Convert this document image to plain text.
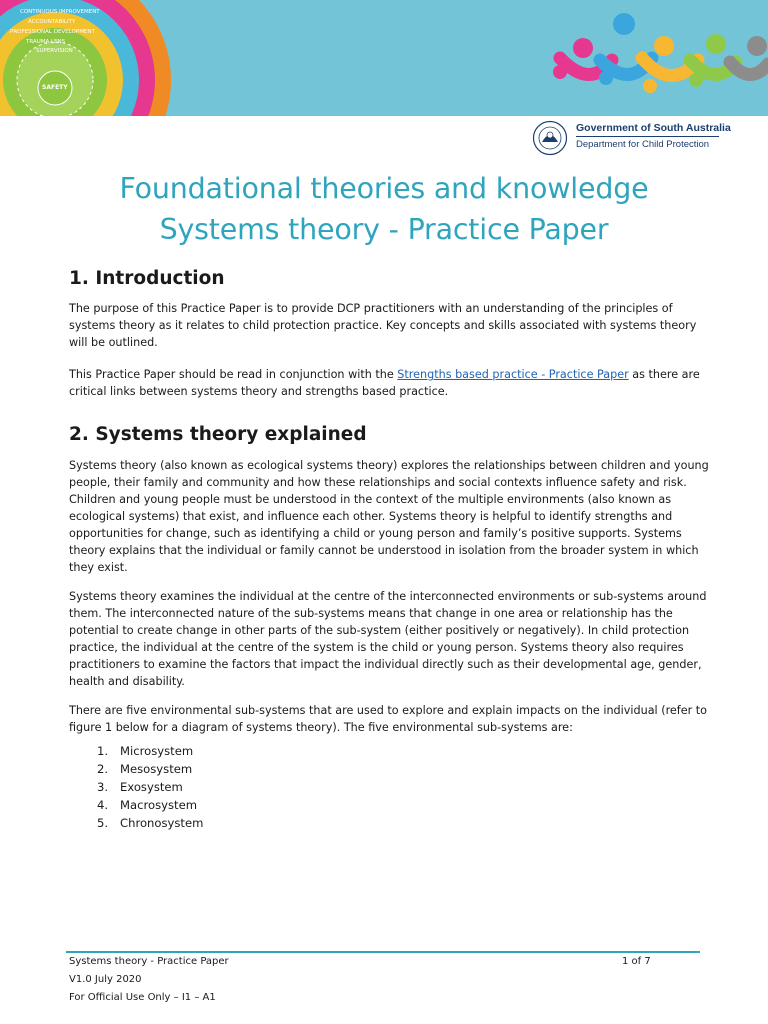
CONTINUOUS IMPROVEMENT
ACCOUNTABILITY
PROFESSIONAL DEVELOPMENT
TRAUMA LENS
SUPERVISION
SAFETY
Government of South Australia
Department for Child Protection
Foundational theories and knowledge
Systems theory - Practice Paper
1. Introduction

The purpose of this Practice Paper is to provide DCP practitioners with an understanding of the principles of systems theory as it relates to child protection practice. Key concepts and skills associated with systems theory will be outlined.

This Practice Paper should be read in conjunction with the Strengths based practice - Practice Paper as there are critical links between systems theory and strengths based practice.

2. Systems theory explained

Systems theory (also known as ecological systems theory) explores the relationships between children and young people, their family and community and how these relationships and social contexts influence safety and risk. Children and young people must be understood in the context of the multiple environments (also known as ecological systems) that exist, and influence each other. Systems theory is helpful to identify strengths and opportunities for change, such as identifying a child or young person and family’s positive supports. Systems theory explains that the individual or family cannot be understood in isolation from the broader system in which they exist.

Systems theory examines the individual at the centre of the interconnected environments or sub-systems around them. The interconnected nature of the sub-systems means that change in one area or relationship has the potential to create change in other parts of the sub-system (either positively or negatively). In child protection practice, the individual at the centre of the system is the child or young person. Systems theory also requires practitioners to examine the factors that impact the individual directly such as their developmental age, gender, health and disability.

There are five environmental sub-systems that are used to explore and explain impacts on the individual (refer to figure 1 below for a diagram of systems theory). The five environmental sub-systems are:

1.	Microsystem
2.	Mesosystem
3.	Exosystem
4.	Macrosystem
5.	Chronosystem
Systems theory - Practice Paper
V1.0 July 2020
For Official Use Only – I1 – A1
1 of 7
